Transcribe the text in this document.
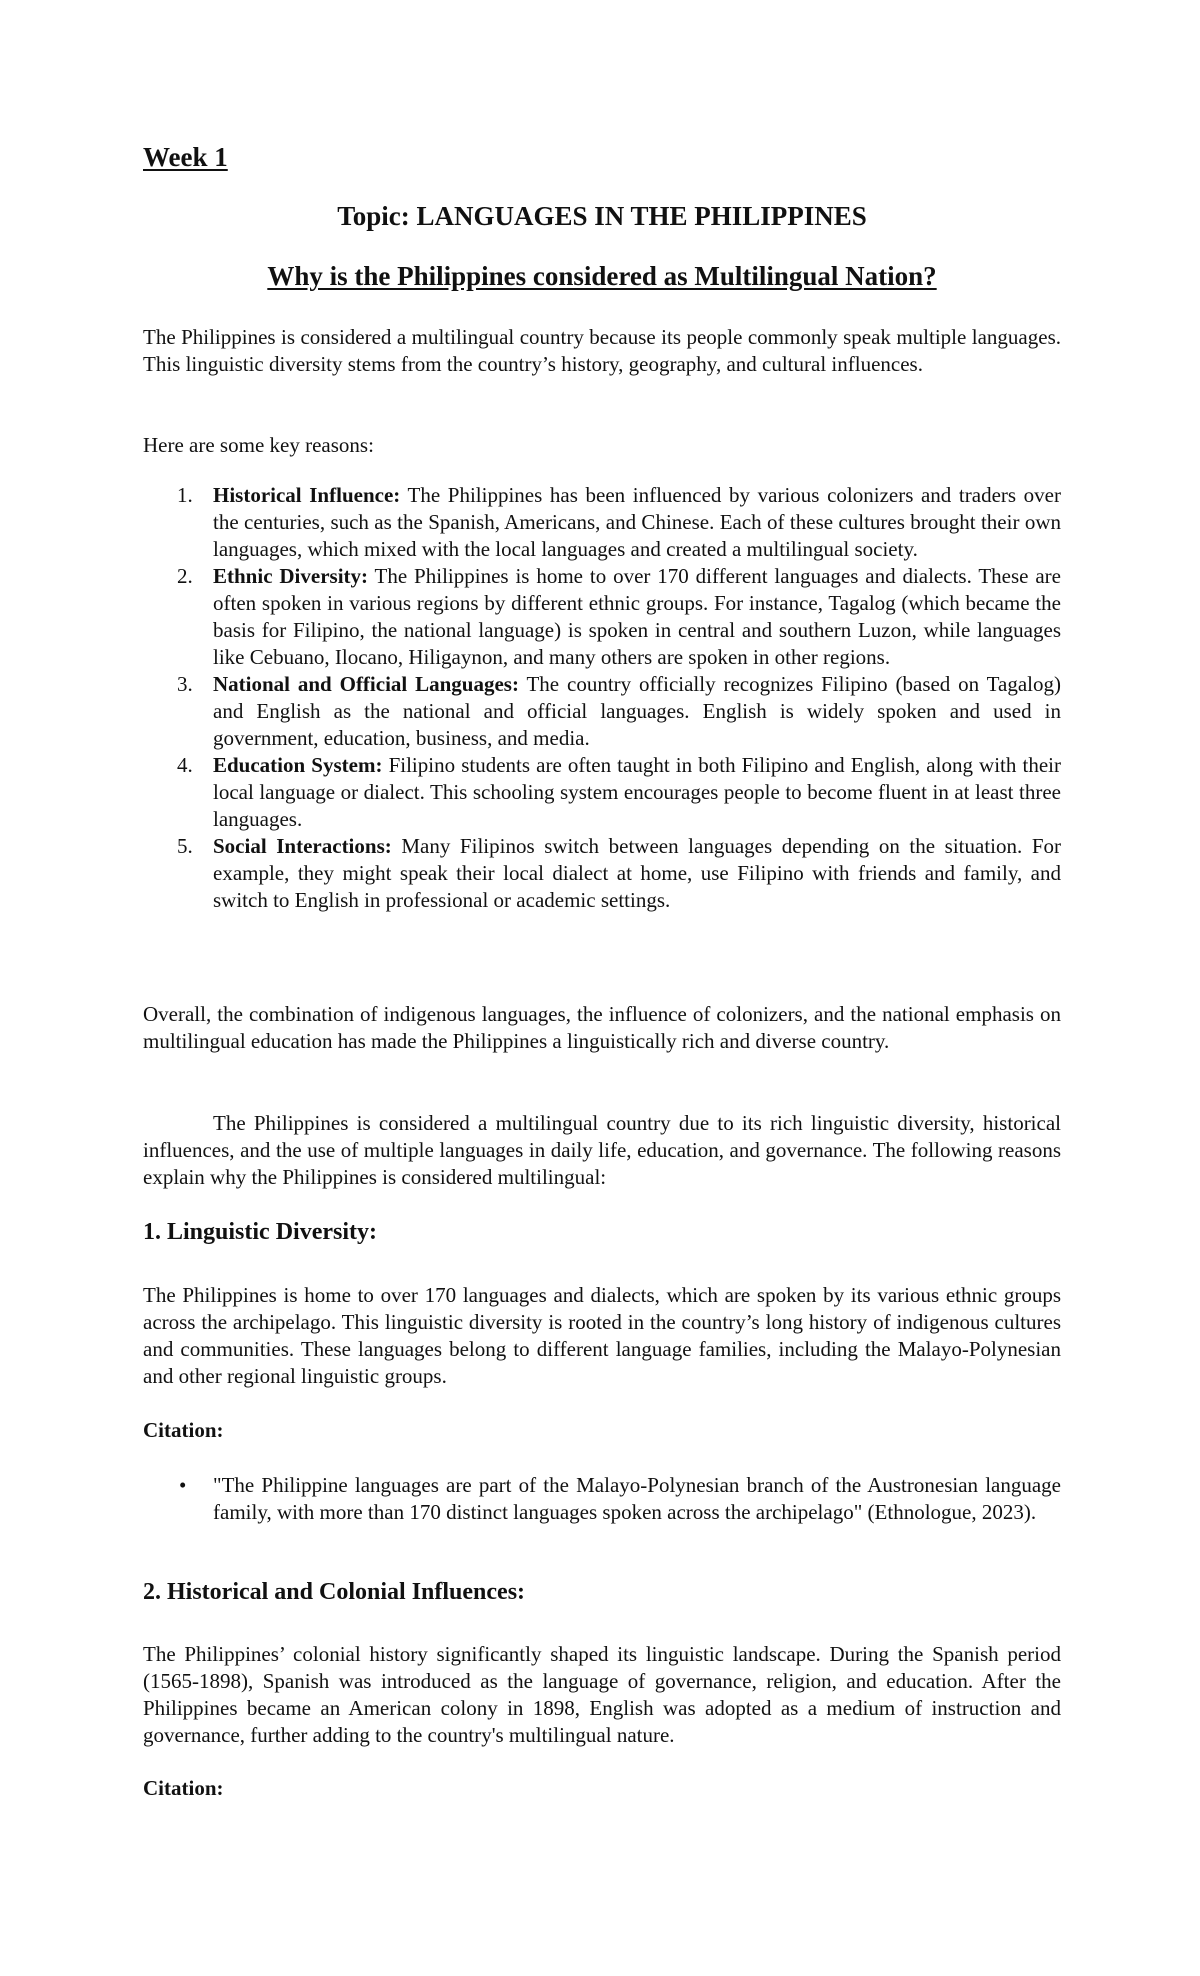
Week 1

Topic: LANGUAGES IN THE PHILIPPINES

Why is the Philippines considered as Multilingual Nation?

The Philippines is considered a multilingual country because its people commonly speak multiple languages. This linguistic diversity stems from the country’s history, geography, and cultural influences.

Here are some key reasons:

1. Historical Influence: The Philippines has been influenced by various colonizers and traders over the centuries, such as the Spanish, Americans, and Chinese. Each of these cultures brought their own languages, which mixed with the local languages and created a multilingual society.
2. Ethnic Diversity: The Philippines is home to over 170 different languages and dialects. These are often spoken in various regions by different ethnic groups. For instance, Tagalog (which became the basis for Filipino, the national language) is spoken in central and southern Luzon, while languages like Cebuano, Ilocano, Hiligaynon, and many others are spoken in other regions.
3. National and Official Languages: The country officially recognizes Filipino (based on Tagalog) and English as the national and official languages. English is widely spoken and used in government, education, business, and media.
4. Education System: Filipino students are often taught in both Filipino and English, along with their local language or dialect. This schooling system encourages people to become fluent in at least three languages.
5. Social Interactions: Many Filipinos switch between languages depending on the situation. For example, they might speak their local dialect at home, use Filipino with friends and family, and switch to English in professional or academic settings.

Overall, the combination of indigenous languages, the influence of colonizers, and the national emphasis on multilingual education has made the Philippines a linguistically rich and diverse country.

The Philippines is considered a multilingual country due to its rich linguistic diversity, historical influences, and the use of multiple languages in daily life, education, and governance. The following reasons explain why the Philippines is considered multilingual:

1. Linguistic Diversity:

The Philippines is home to over 170 languages and dialects, which are spoken by its various ethnic groups across the archipelago. This linguistic diversity is rooted in the country’s long history of indigenous cultures and communities. These languages belong to different language families, including the Malayo-Polynesian and other regional linguistic groups.

Citation:

• "The Philippine languages are part of the Malayo-Polynesian branch of the Austronesian language family, with more than 170 distinct languages spoken across the archipelago" (Ethnologue, 2023).

2. Historical and Colonial Influences:

The Philippines’ colonial history significantly shaped its linguistic landscape. During the Spanish period (1565-1898), Spanish was introduced as the language of governance, religion, and education. After the Philippines became an American colony in 1898, English was adopted as a medium of instruction and governance, further adding to the country's multilingual nature.

Citation:
